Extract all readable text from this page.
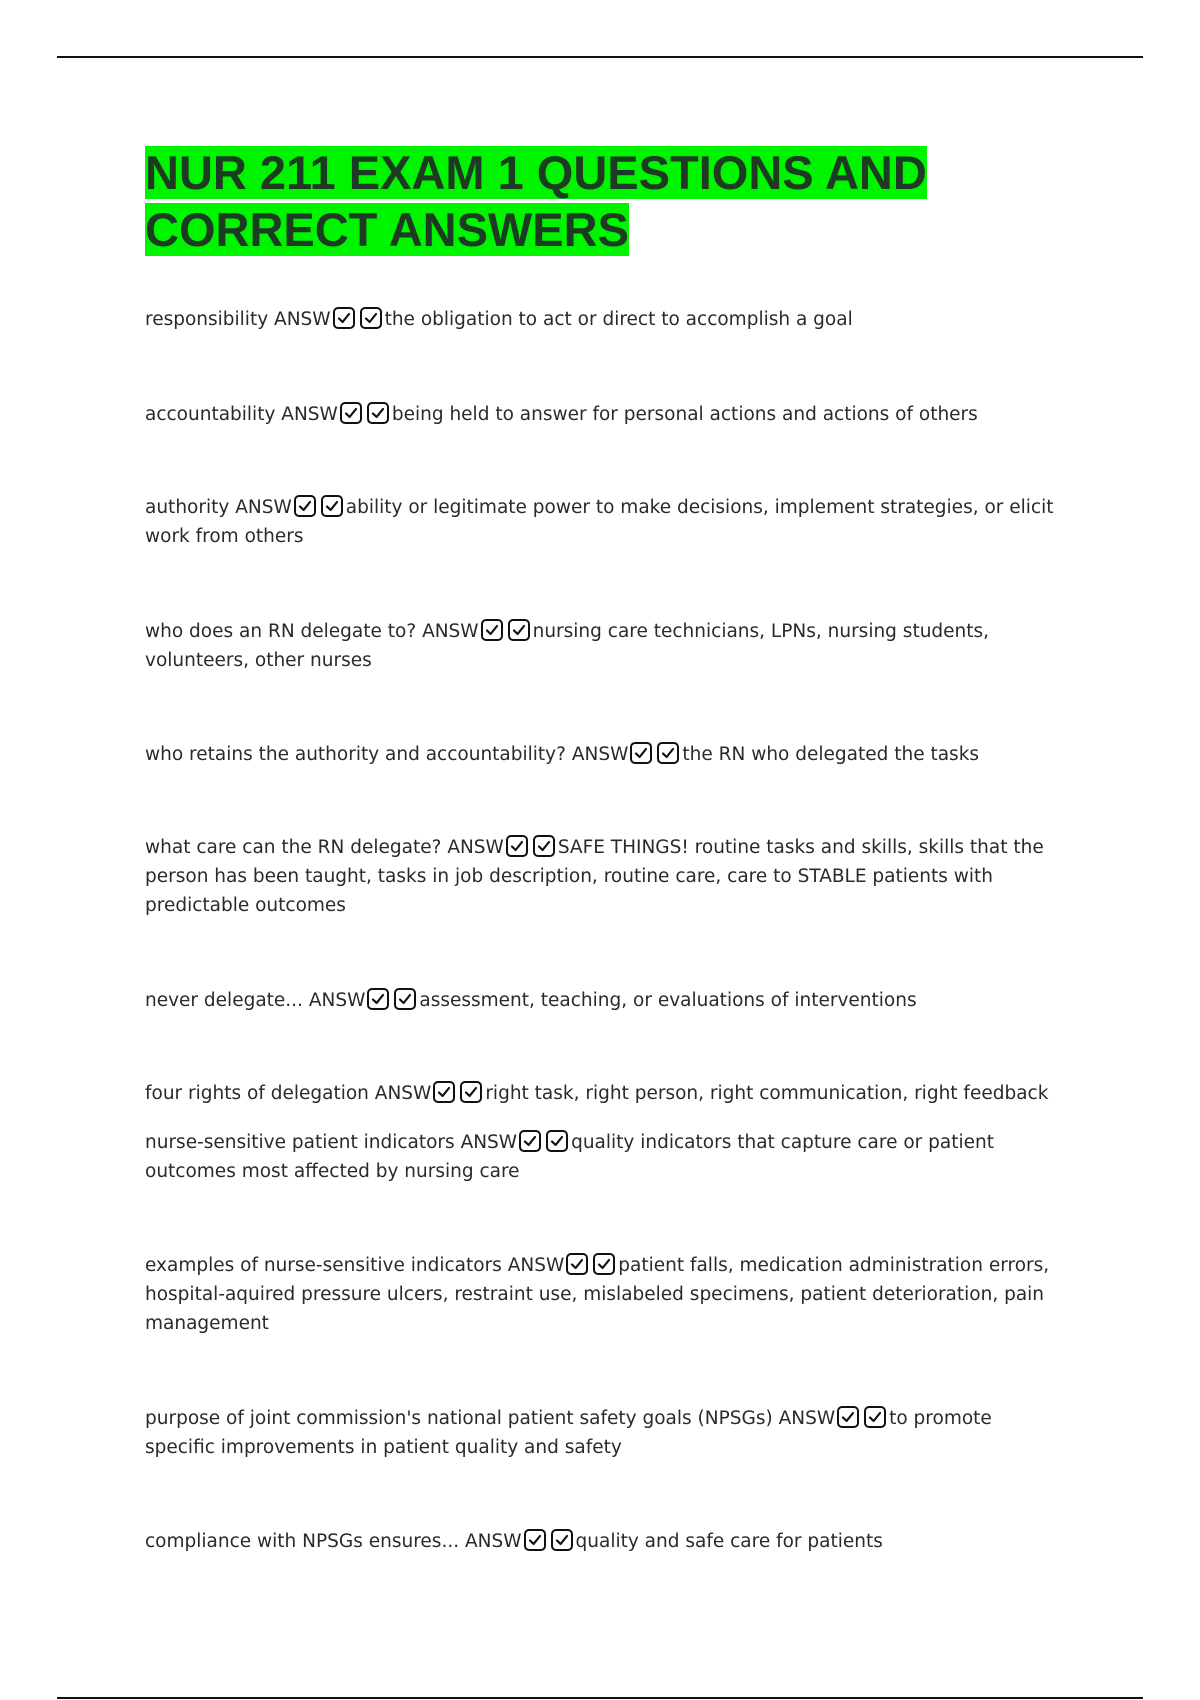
NUR 211 EXAM 1 QUESTIONS AND CORRECT ANSWERS

responsibility ANSW	the obligation to act or direct to accomplish a goal

accountability ANSW	being held to answer for personal actions and actions of others

authority ANSW	ability or legitimate power to make decisions, implement strategies, or elicit work from others

who does an RN delegate to? ANSW	nursing care technicians, LPNs, nursing students, volunteers, other nurses

who retains the authority and accountability? ANSW	the RN who delegated the tasks

what care can the RN delegate? ANSW	SAFE THINGS! routine tasks and skills, skills that the person has been taught, tasks in job description, routine care, care to STABLE patients with predictable outcomes

never delegate... ANSW	assessment, teaching, or evaluations of interventions

four rights of delegation ANSW	right task, right person, right communication, right feedback

nurse-sensitive patient indicators ANSW	quality indicators that capture care or patient outcomes most affected by nursing care

examples of nurse-sensitive indicators ANSW	patient falls, medication administration errors, hospital-aquired pressure ulcers, restraint use, mislabeled specimens, patient deterioration, pain management

purpose of joint commission's national patient safety goals (NPSGs) ANSW	to promote specific improvements in patient quality and safety

compliance with NPSGs ensures... ANSW	quality and safe care for patients
